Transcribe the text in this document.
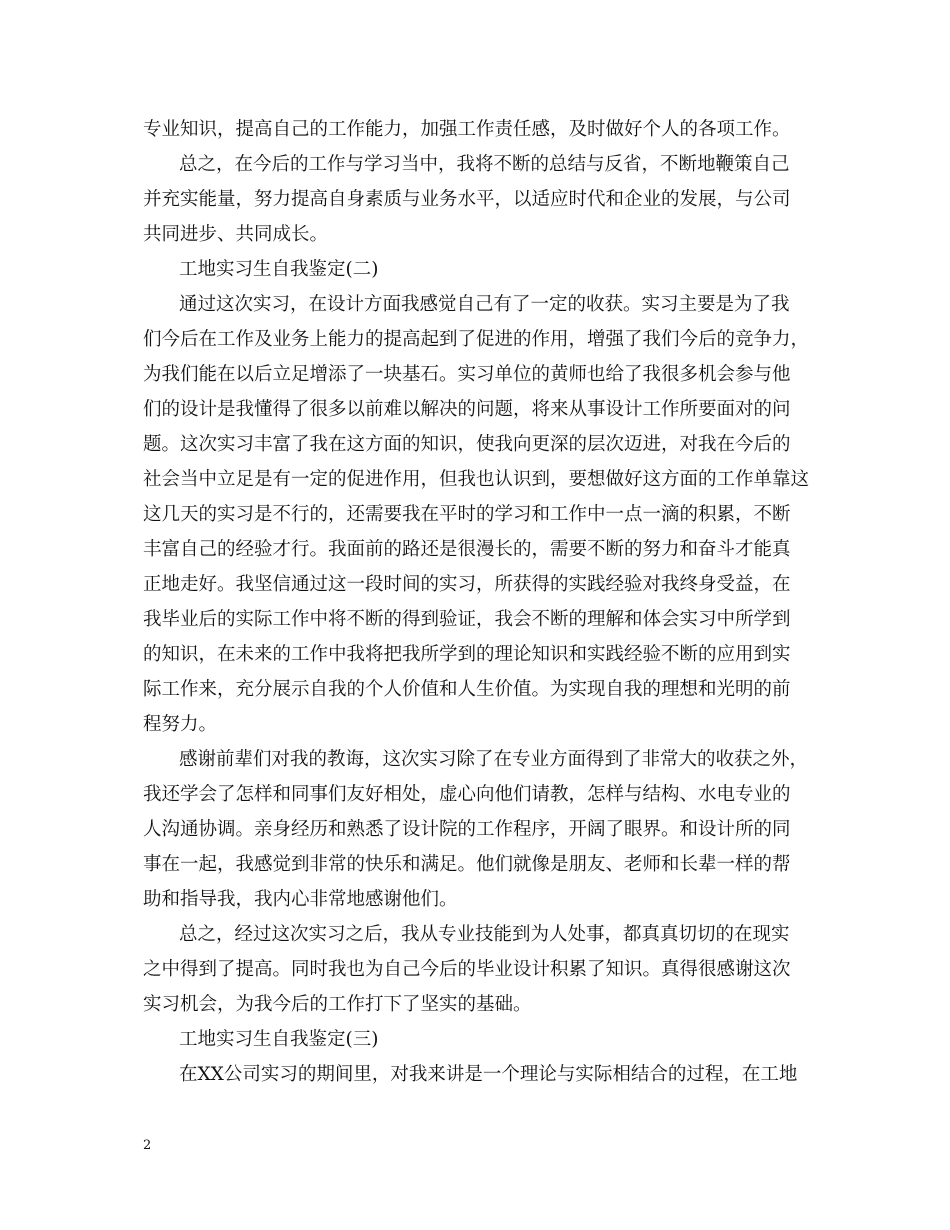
专业知识，提高自己的工作能力，加强工作责任感，及时做好个人的各项工作。
总之，在今后的工作与学习当中，我将不断的总结与反省，不断地鞭策自己
并充实能量，努力提高自身素质与业务水平，以适应时代和企业的发展，与公司
共同进步、共同成长。
工地实习生自我鉴定(二)
通过这次实习，在设计方面我感觉自己有了一定的收获。实习主要是为了我
们今后在工作及业务上能力的提高起到了促进的作用，增强了我们今后的竞争力，
为我们能在以后立足增添了一块基石。实习单位的黄师也给了我很多机会参与他
们的设计是我懂得了很多以前难以解决的问题，将来从事设计工作所要面对的问
题。这次实习丰富了我在这方面的知识，使我向更深的层次迈进，对我在今后的
社会当中立足是有一定的促进作用，但我也认识到，要想做好这方面的工作单靠这
这几天的实习是不行的，还需要我在平时的学习和工作中一点一滴的积累，不断
丰富自己的经验才行。我面前的路还是很漫长的，需要不断的努力和奋斗才能真
正地走好。我坚信通过这一段时间的实习，所获得的实践经验对我终身受益，在
我毕业后的实际工作中将不断的得到验证，我会不断的理解和体会实习中所学到
的知识，在未来的工作中我将把我所学到的理论知识和实践经验不断的应用到实
际工作来，充分展示自我的个人价值和人生价值。为实现自我的理想和光明的前
程努力。
感谢前辈们对我的教诲，这次实习除了在专业方面得到了非常大的收获之外，
我还学会了怎样和同事们友好相处，虚心向他们请教，怎样与结构、水电专业的
人沟通协调。亲身经历和熟悉了设计院的工作程序，开阔了眼界。和设计所的同
事在一起，我感觉到非常的快乐和满足。他们就像是朋友、老师和长辈一样的帮
助和指导我，我内心非常地感谢他们。
总之，经过这次实习之后，我从专业技能到为人处事，都真真切切的在现实
之中得到了提高。同时我也为自己今后的毕业设计积累了知识。真得很感谢这次
实习机会，为我今后的工作打下了坚实的基础。
工地实习生自我鉴定(三)
在XX公司实习的期间里，对我来讲是一个理论与实际相结合的过程，在工地
2
